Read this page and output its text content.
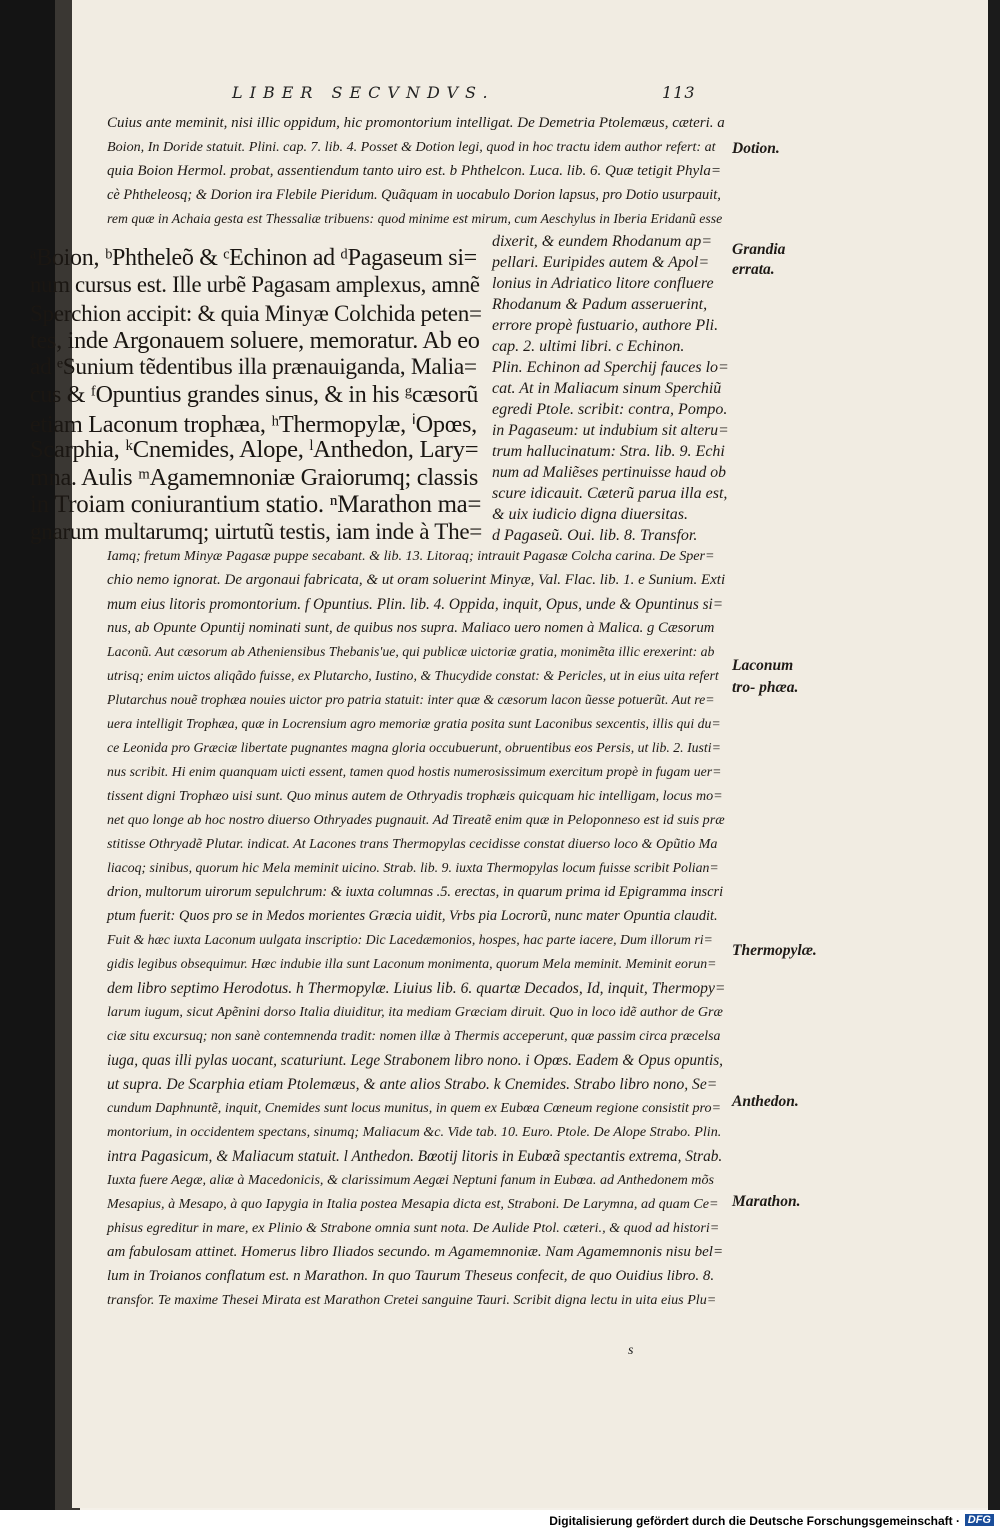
LIBER SECVNDVS.	113
Cuius ante meminit, nisi illic oppidum, hic promontorium intelligat. De Demetria Ptolemæus, cæteri. a
Boion, In Doride statuit. Plini. cap. 7. lib. 4. Posset & Dotion legi, quod in hoc tractu idem author refert: at
quia Boion Hermol. probat, assentiendum tanto uiro est. b Phthelcon. Luca. lib. 6. Quæ tetigit Phyla=
cè Phtheleosq; & Dorion ira Flebile Pieridum. Quãquam in uocabulo Dorion lapsus, pro Dotio usurpauit,
rem quæ in Achaia gesta est Thessaliæ tribuens: quod minime est mirum, cum Aeschylus in Iberia Eridanũ esse
ᵃBoion, ᵇPhtheleõ & ᶜEchinon ad ᵈPagaseum si=
num cursus est. Ille urbẽ Pagasam amplexus, amnẽ
Sperchion accipit: & quia Minyæ Colchida peten=
tes, inde Argonauem soluere, memoratur. Ab eo
ad ᵉSunium tẽdentibus illa prænauiganda, Malia=
cus & ᶠOpuntius grandes sinus, & in his ᵍcæsorũ
etiam Laconum trophæa, ʰThermopylæ, ⁱOpœs,
Scarphia, ᵏCnemides, Alope, ˡAnthedon, Lary=
mna. Aulis ᵐAgamemnoniæ Graiorumq; classis
in Troiam coniurantium statio. ⁿMarathon ma=
gnarum multarumq; uirtutũ testis, iam inde à The=
dixerit, & eundem Rhodanum ap=
pellari. Euripides autem & Apol=
lonius in Adriatico litore confluere
Rhodanum & Padum asseruerint,
errore propè fustuario, authore Pli.
cap. 2. ultimi libri. c Echinon.
Plin. Echinon ad Sperchij fauces lo=
cat. At in Maliacum sinum Sperchiũ
egredi Ptole. scribit: contra, Pompo.
in Pagaseum: ut indubium sit alteru=
trum hallucinatum: Stra. lib. 9. Echi
num ad Maliẽses pertinuisse haud ob
scure idicauit. Cæterũ parua illa est,
& uix iudicio digna diuersitas.
d Pagaseũ. Oui. lib. 8. Transfor.
Iamq; fretum Minyæ Pagasæ puppe secabant. & lib. 13. Litoraq; intrauit Pagasæ Colcha carina. De Sper=
chio nemo ignorat. De argonaui fabricata, & ut oram soluerint Minyæ, Val. Flac. lib. 1. e Sunium. Exti
mum eius litoris promontorium. f Opuntius. Plin. lib. 4. Oppida, inquit, Opus, unde & Opuntinus si=
nus, ab Opunte Opuntij nominati sunt, de quibus nos supra. Maliaco uero nomen à Malica. g Cæsorum
Laconũ. Aut cæsorum ab Atheniensibus Thebanis'ue, qui publicæ uictoriæ gratia, monimẽta illic erexerint: ab
utrisq; enim uictos aliqãdo fuisse, ex Plutarcho, Iustino, & Thucydide constat: & Pericles, ut in eius uita refert
Plutarchus nouẽ trophæa nouies uictor pro patria statuit: inter quæ & cæsorum lacon ũesse potuerũt. Aut re=
uera intelligit Trophæa, quæ in Locrensium agro memoriæ gratia posita sunt Laconibus sexcentis, illis qui du=
ce Leonida pro Græciæ libertate pugnantes magna gloria occubuerunt, obruentibus eos Persis, ut lib. 2. Iusti=
nus scribit. Hi enim quanquam uicti essent, tamen quod hostis numerosissimum exercitum propè in fugam uer=
tissent digni Trophæo uisi sunt. Quo minus autem de Othryadis trophæis quicquam hic intelligam, locus mo=
net quo longe ab hoc nostro diuerso Othryades pugnauit. Ad Tireatẽ enim quæ in Peloponneso est id suis præ
stitisse Othryadẽ Plutar. indicat. At Lacones trans Thermopylas cecidisse constat diuerso loco & Opũtio Ma
liacoq; sinibus, quorum hic Mela meminit uicino. Strab. lib. 9. iuxta Thermopylas locum fuisse scribit Polian=
drion, multorum uirorum sepulchrum: & iuxta columnas .5. erectas, in quarum prima id Epigramma inscri
ptum fuerit: Quos pro se in Medos morientes Græcia uidit, Vrbs pia Locrorũ, nunc mater Opuntia claudit.
Fuit & hæc iuxta Laconum uulgata inscriptio: Dic Lacedæmonios, hospes, hac parte iacere, Dum illorum ri=
gidis legibus obsequimur. Hæc indubie illa sunt Laconum monimenta, quorum Mela meminit. Meminit eorun=
dem libro septimo Herodotus. h Thermopylæ. Liuius lib. 6. quartæ Decados, Id, inquit, Thermopy=
larum iugum, sicut Apẽnini dorso Italia diuiditur, ita mediam Græciam diruit. Quo in loco idẽ author de Græ
ciæ situ excursuq; non sanè contemnenda tradit: nomen illæ à Thermis acceperunt, quæ passim circa præcelsa
iuga, quas illi pylas uocant, scaturiunt. Lege Strabonem libro nono. i Opœs. Eadem & Opus opuntis,
ut supra. De Scarphia etiam Ptolemæus, & ante alios Strabo. k Cnemides. Strabo libro nono, Se=
cundum Daphnuntẽ, inquit, Cnemides sunt locus munitus, in quem ex Eubœa Cœneum regione consistit pro=
montorium, in occidentem spectans, sinumq; Maliacum &c. Vide tab. 10. Euro. Ptole. De Alope Strabo. Plin.
intra Pagasicum, & Maliacum statuit. l Anthedon. Bœotij litoris in Eubœã spectantis extrema, Strab.
Iuxta fuere Aegæ, aliæ à Macedonicis, & clarissimum Aegæi Neptuni fanum in Eubœa. ad Anthedonem mõs
Mesapius, à Mesapo, à quo Iapygia in Italia postea Mesapia dicta est, Straboni. De Larymna, ad quam Ce=
phisus egreditur in mare, ex Plinio & Strabone omnia sunt nota. De Aulide Ptol. cæteri., & quod ad histori=
am fabulosam attinet. Homerus libro Iliados secundo. m Agamemnoniæ. Nam Agamemnonis nisu bel=
lum in Troianos conflatum est. n Marathon. In quo Taurum Theseus confecit, de quo Ouidius libro. 8.
transfor. Te maxime Thesei Mirata est Marathon Cretei sanguine Tauri. Scribit digna lectu in uita eius Plu=
s
Dotion.
Grandia errata.
Laconum tro- phæa.
Thermopylæ.
Anthedon.
Marathon.
Digitalisierung gefördert durch die Deutsche Forschungsgemeinschaft · DFG
